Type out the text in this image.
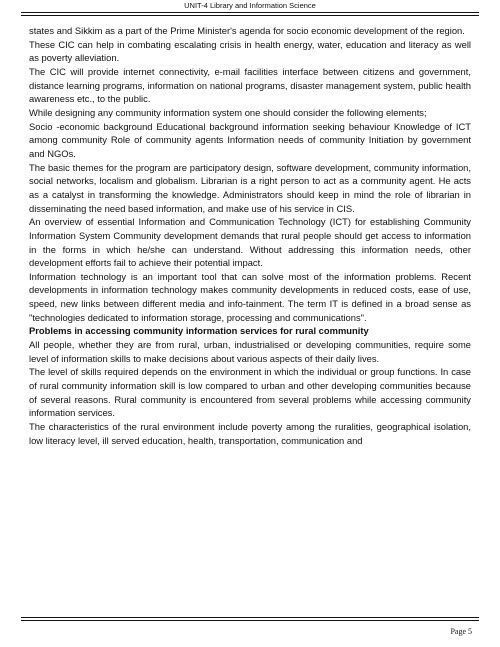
UNIT-4 Library and Information Science

states and Sikkim as a part of the Prime Minister's agenda for socio economic development of the region.

These CIC can help in combating escalating crisis in health energy, water, education and literacy as well as poverty alleviation.

The CIC will provide internet connectivity, e-mail facilities interface between citizens and government, distance learning programs, information on national programs, disaster management system, public health awareness etc., to the public.

While designing any community information system one should consider the following elements;

Socio -economic background Educational background information seeking behaviour Knowledge of ICT among community Role of community agents Information needs of community Initiation by government and NGOs.

The basic themes for the program are participatory design, software development, community information, social networks, localism and globalism. Librarian is a right person to act as a community agent. He acts as a catalyst in transforming the knowledge. Administrators should keep in mind the role of librarian in disseminating the need based information, and make use of his service in CIS.

An overview of essential Information and Communication Technology (ICT) for establishing Community Information System Community development demands that rural people should get access to information in the forms in which he/she can understand. Without addressing this information needs, other development efforts fail to achieve their potential impact.

Information technology is an important tool that can solve most of the information problems. Recent developments in information technology makes community developments in reduced costs, ease of use, speed, new links between different media and info-tainment. The term IT is defined in a broad sense as "technologies dedicated to information storage, processing and communications".

Problems in accessing community information services for rural community

All people, whether they are from rural, urban, industrialised or developing communities, require some level of information skills to make decisions about various aspects of their daily lives.

The level of skills required depends on the environment in which the individual or group functions. In case of rural community information skill is low compared to urban and other developing communities because of several reasons. Rural community is encountered from several problems while accessing community information services.

The characteristics of the rural environment include poverty among the ruralities, geographical isolation, low literacy level, ill served education, health, transportation, communication and

Page 5
